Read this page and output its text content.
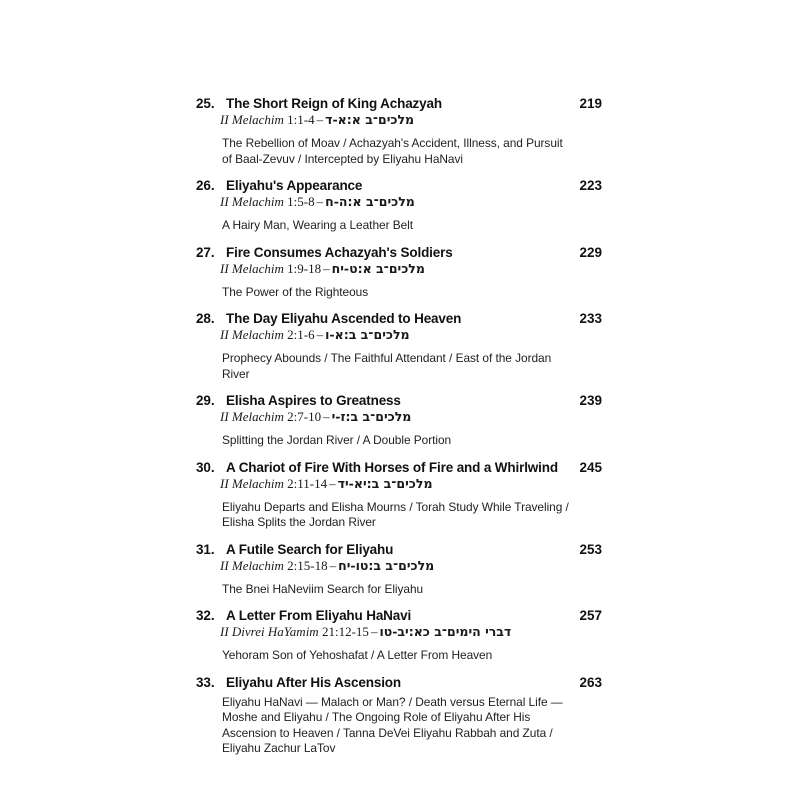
25. The Short Reign of King Achazyah	219
II Melachim 1:1-4 – מלכים־ב א:א-ד
The Rebellion of Moav / Achazyah's Accident, Illness, and Pursuit of Baal-Zevuv / Intercepted by Eliyahu HaNavi
26. Eliyahu's Appearance	223
II Melachim 1:5-8 – מלכים־ב א:ה-ח
A Hairy Man, Wearing a Leather Belt
27. Fire Consumes Achazyah's Soldiers	229
II Melachim 1:9-18 – מלכים־ב א:ט-יח
The Power of the Righteous
28. The Day Eliyahu Ascended to Heaven	233
II Melachim 2:1-6 – מלכים־ב ב:א-ו
Prophecy Abounds / The Faithful Attendant / East of the Jordan River
29. Elisha Aspires to Greatness	239
II Melachim 2:7-10 – מלכים־ב ב:ז-י
Splitting the Jordan River / A Double Portion
30. A Chariot of Fire With Horses of Fire and a Whirlwind	245
II Melachim 2:11-14 – מלכים־ב ב:יא-יד
Eliyahu Departs and Elisha Mourns / Torah Study While Traveling / Elisha Splits the Jordan River
31. A Futile Search for Eliyahu	253
II Melachim 2:15-18 – מלכים־ב ב:טו-יח
The Bnei HaNeviim Search for Eliyahu
32. A Letter From Eliyahu HaNavi	257
II Divrei HaYamim 21:12-15 – דברי הימים־ב כא:יב-טו
Yehoram Son of Yehoshafat / A Letter From Heaven
33. Eliyahu After His Ascension	263
Eliyahu HaNavi — Malach or Man? / Death versus Eternal Life — Moshe and Eliyahu / The Ongoing Role of Eliyahu After His Ascension to Heaven / Tanna DeVei Eliyahu Rabbah and Zuta / Eliyahu Zachur LaTov
